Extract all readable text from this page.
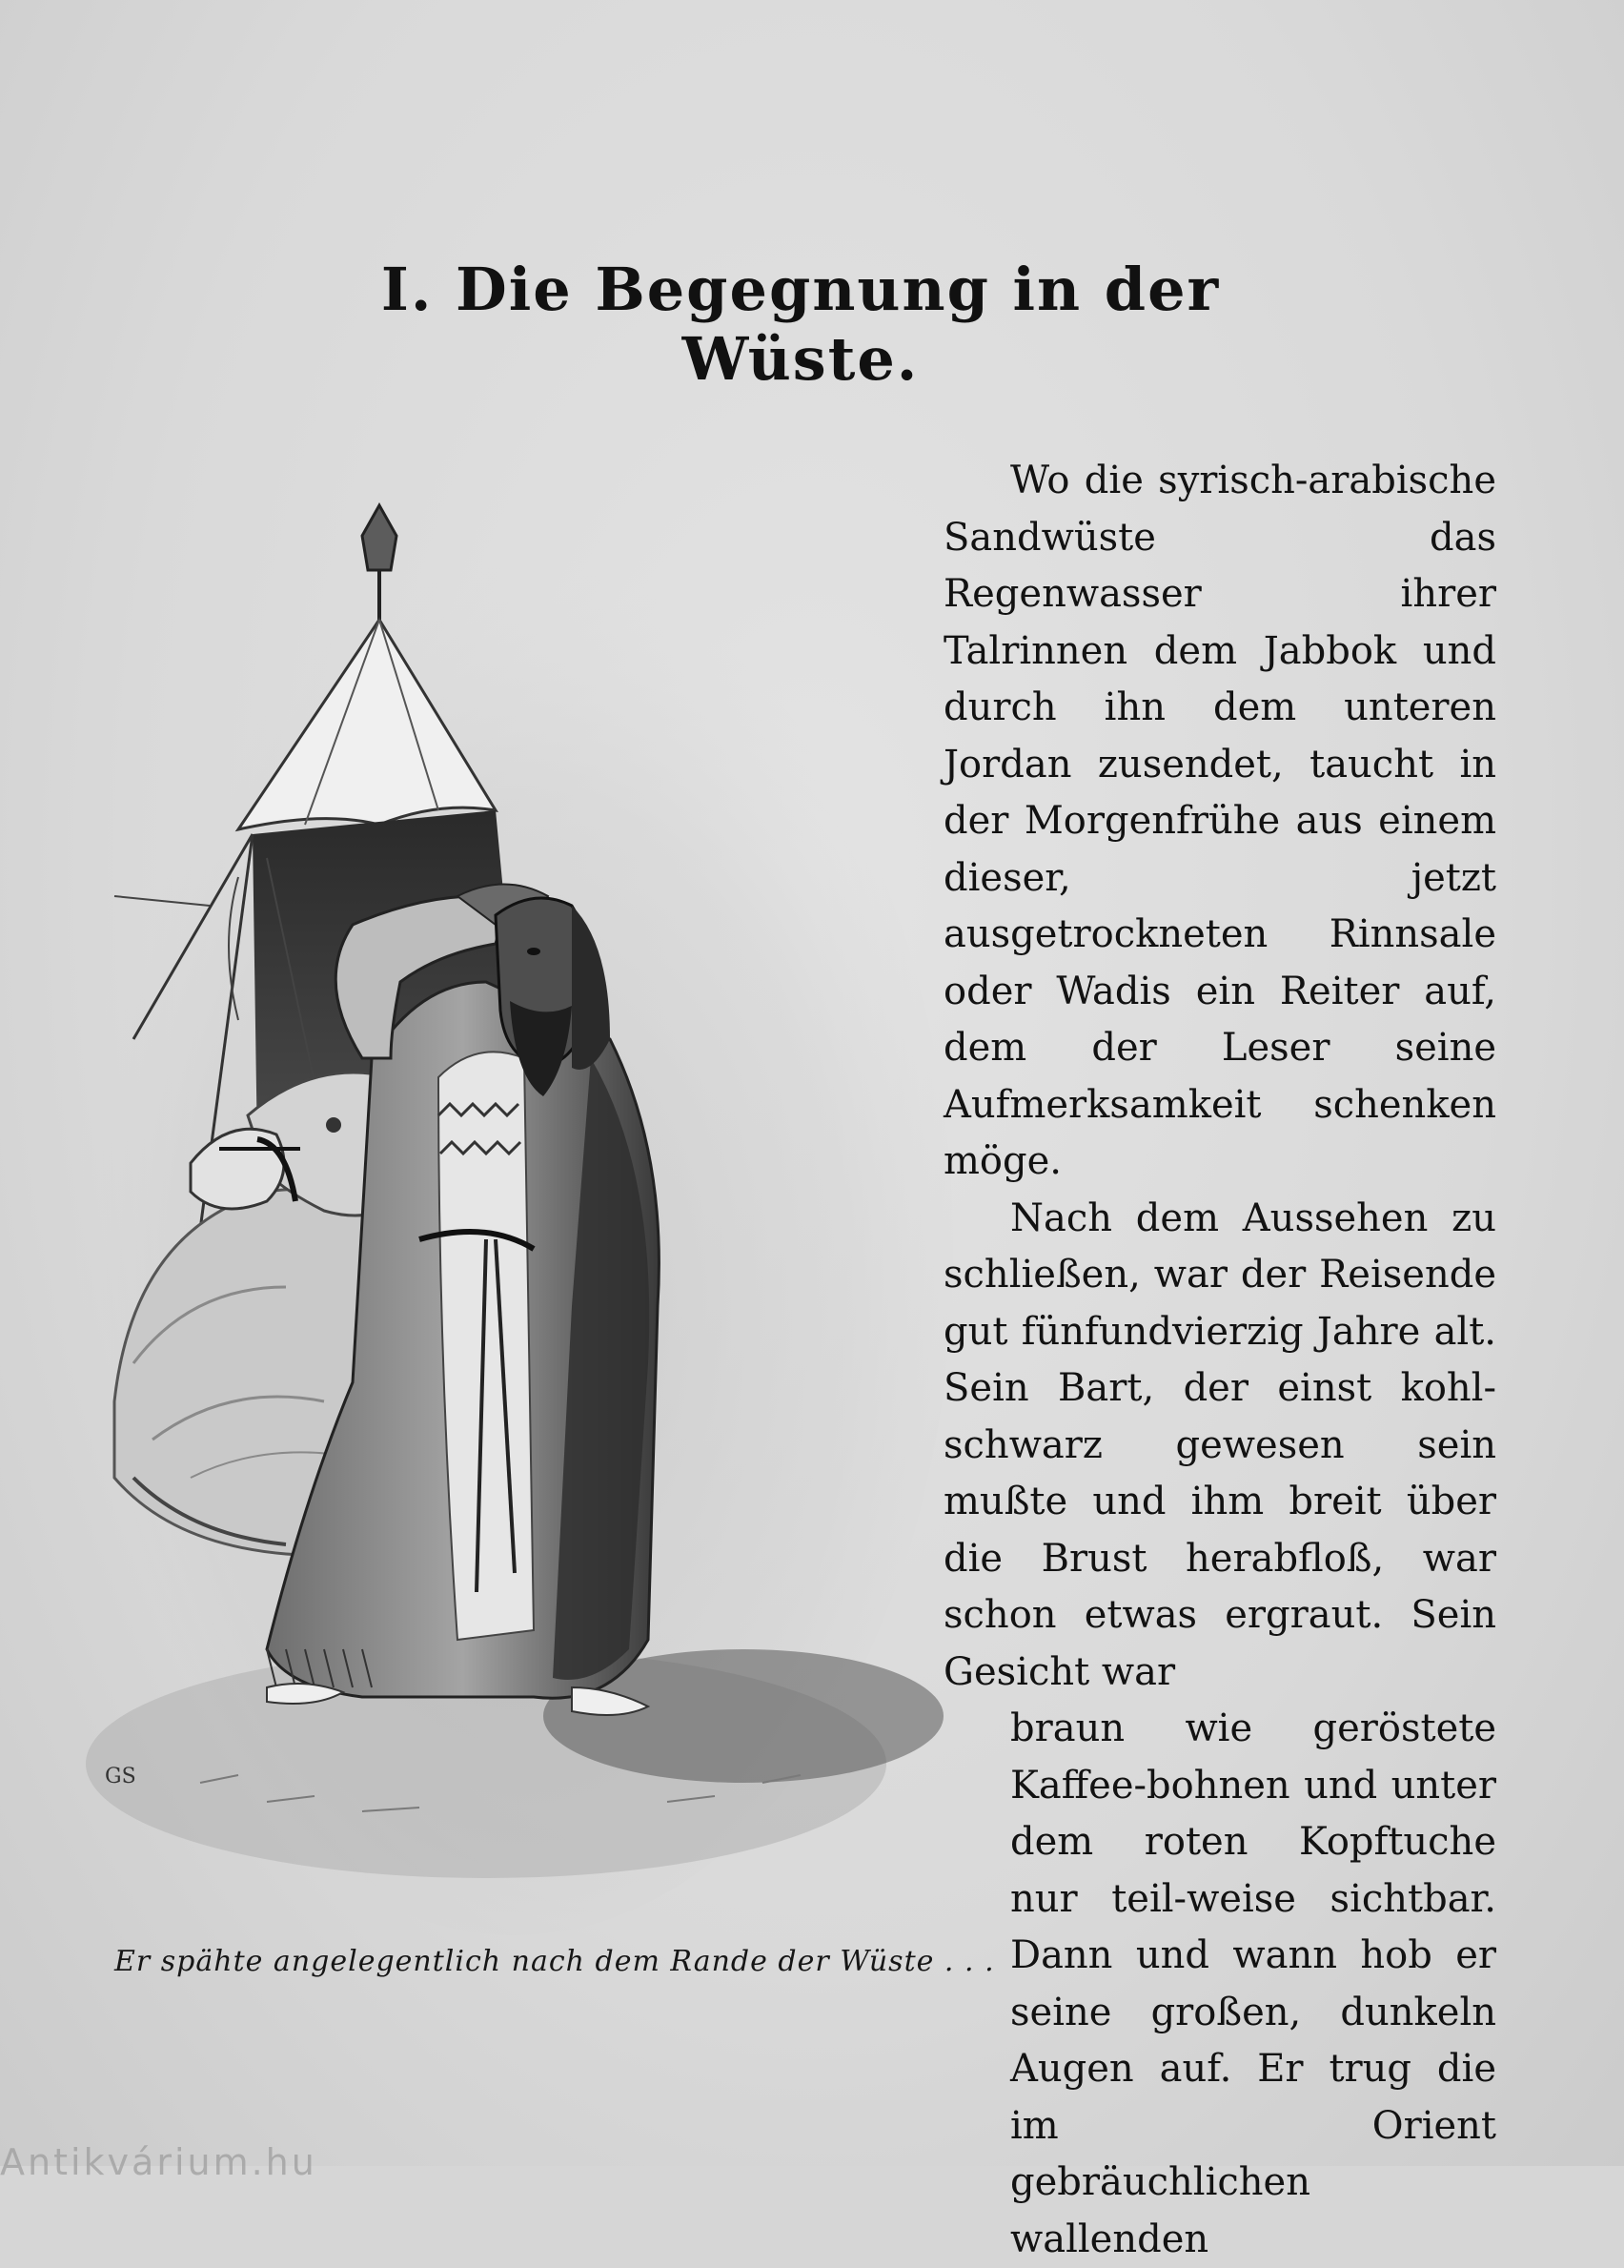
I. Die Begegnung in der Wüste.
GS
Er spähte angelegentlich nach dem Rande der Wüste . . .

Wo die syrisch-arabische Sandwüste das Regenwasser ihrer Talrinnen dem Jabbok und durch ihn dem unteren Jordan zusendet, taucht in der Morgenfrühe aus einem dieser, jetzt ausgetrockneten Rinnsale oder Wadis ein Reiter auf, dem der Leser seine Aufmerksamkeit schenken möge.

Nach dem Aussehen zu schließen, war der Reisende gut fünfundvierzig Jahre alt. Sein Bart, der einst kohl-schwarz gewesen sein mußte und ihm breit über die Brust herabfloß, war schon etwas ergraut. Sein Gesicht war

braun wie geröstete Kaffee-bohnen und unter dem roten Kopftuche nur teil-weise sichtbar. Dann und wann hob er seine großen, dunkeln Augen auf. Er trug die im Orient gebräuchlichen wallenden

Antikvárium.hu
